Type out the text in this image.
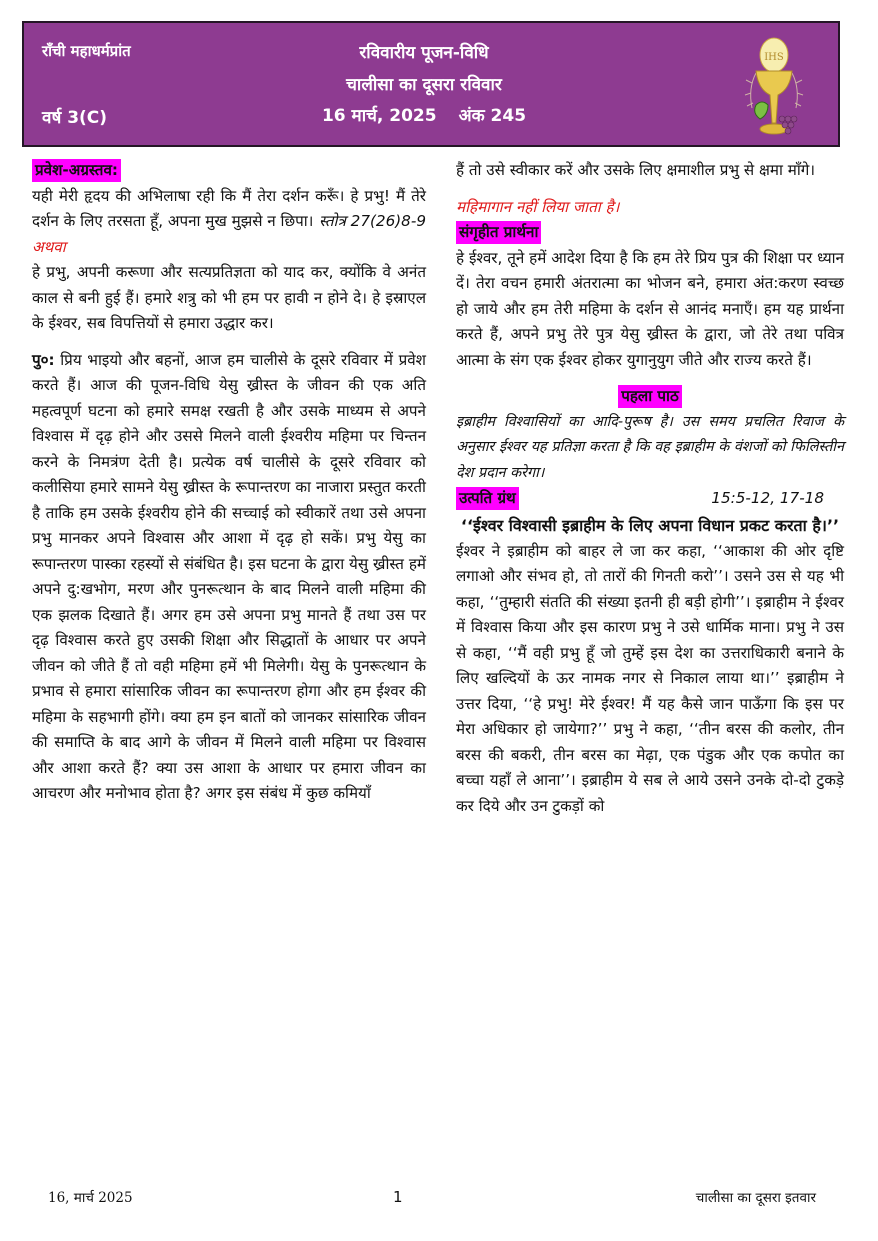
राँची महाधर्मप्रांत
वर्ष 3(C)
रविवारीय पूजन-विधि
चालीसा का दूसरा रविवार
16 मार्च, 2025 अंक 245
IHS
प्रवेश-अग्रस्तव:

यही मेरी हृदय की अभिलाषा रही कि मैं तेरा दर्शन करूँ। हे प्रभु! मैं तेरे दर्शन के लिए तरसता हूँ, अपना मुख मुझसे न छिपा। स्तोत्र 27(26)8-9

अथवा

हे प्रभु, अपनी करूणा और सत्यप्रतिज्ञता को याद कर, क्योंकि वे अनंत काल से बनी हुई हैं। हमारे शत्रु को भी हम पर हावी न होने दे। हे इस्राएल के ईश्वर, सब विपत्तियों से हमारा उद्धार कर।

पु०: प्रिय भाइयो और बहनों, आज हम चालीसे के दूसरे रविवार में प्रवेश करते हैं। आज की पूजन-विधि येसु ख्रीस्त के जीवन की एक अति महत्वपूर्ण घटना को हमारे समक्ष रखती है और उसके माध्यम से अपने विश्वास में दृढ़ होने और उससे मिलने वाली ईश्वरीय महिमा पर चिन्तन करने के निमत्रंण देती है। प्रत्येक वर्ष चालीसे के दूसरे रविवार को कलीसिया हमारे सामने येसु ख्रीस्त के रूपान्तरण का नाजारा प्रस्तुत करती है ताकि हम उसके ईश्वरीय होने की सच्चाई को स्वीकारें तथा उसे अपना प्रभु मानकर अपने विश्वास और आशा में दृढ़ हो सकें। प्रभु येसु का रूपान्तरण पास्का रहस्यों से संबंधित है। इस घटना के द्वारा येसु ख्रीस्त हमें अपने दु:खभोग, मरण और पुनरूत्थान के बाद मिलने वाली महिमा की एक झलक दिखाते हैं। अगर हम उसे अपना प्रभु मानते हैं तथा उस पर दृढ़ विश्वास करते हुए उसकी शिक्षा और सिद्धातों के आधार पर अपने जीवन को जीते हैं तो वही महिमा हमें भी मिलेगी। येसु के पुनरूत्थान के प्रभाव से हमारा सांसारिक जीवन का रूपान्तरण होगा और हम ईश्वर की महिमा के सहभागी होंगे। क्या हम इन बातों को जानकर सांसारिक जीवन की समाप्ति के बाद आगे के जीवन में मिलने वाली महिमा पर विश्वास और आशा करते हैं? क्या उस आशा के आधार पर हमारा जीवन का आचरण और मनोभाव होता है? अगर इस संबंध में कुछ कमियाँ

हैं तो उसे स्वीकार करें और उसके लिए क्षमाशील प्रभु से क्षमा माँगे।

महिमागान नहीं लिया जाता है।

संगृहीत प्रार्थना

हे ईश्वर, तूने हमें आदेश दिया है कि हम तेरे प्रिय पुत्र की शिक्षा पर ध्यान दें। तेरा वचन हमारी अंतरात्मा का भोजन बने, हमारा अंत:करण स्वच्छ हो जाये और हम तेरी महिमा के दर्शन से आनंद मनाएँ। हम यह प्रार्थना करते हैं, अपने प्रभु तेरे पुत्र येसु ख्रीस्त के द्वारा, जो तेरे तथा पवित्र आत्मा के संग एक ईश्वर होकर युगानुयुग जीते और राज्य करते हैं।

पहला पाठ

इब्राहीम विश्वासियों का आदि-पुरूष है। उस समय प्रचलित रिवाज के अनुसार ईश्वर यह प्रतिज्ञा करता है कि वह इब्राहीम के वंशजों को फिलिस्तीन देश प्रदान करेगा।

उत्पति ग्रंथ	15:5-12, 17-18

‘‘ईश्वर विश्वासी इब्राहीम के लिए अपना विधान प्रकट करता है।’’

ईश्वर ने इब्राहीम को बाहर ले जा कर कहा, ‘‘आकाश की ओर दृष्टि लगाओ और संभव हो, तो तारों की गिनती करो’’। उसने उस से यह भी कहा, ‘‘तुम्हारी संतति की संख्या इतनी ही बड़ी होगी’’। इब्राहीम ने ईश्वर में विश्वास किया और इस कारण प्रभु ने उसे धार्मिक माना। प्रभु ने उस से कहा, ‘‘मैं वही प्रभु हूँ जो तुम्हें इस देश का उत्तराधिकारी बनाने के लिए खल्दियों के ऊर नामक नगर से निकाल लाया था।’’ इब्राहीम ने उत्तर दिया, ‘‘हे प्रभु! मेरे ईश्वर! मैं यह कैसे जान पाऊँगा कि इस पर मेरा अधिकार हो जायेगा?’’ प्रभु ने कहा, ‘‘तीन बरस की कलोर, तीन बरस की बकरी, तीन बरस का मेढ़ा, एक पंडुक और एक कपोत का बच्चा यहाँ ले आना’’। इब्राहीम ये सब ले आये उसने उनके दो-दो टुकड़े कर दिये और उन टुकड़ों को

16, मार्च 2025	1	चालीसा का दूसरा इतवार
